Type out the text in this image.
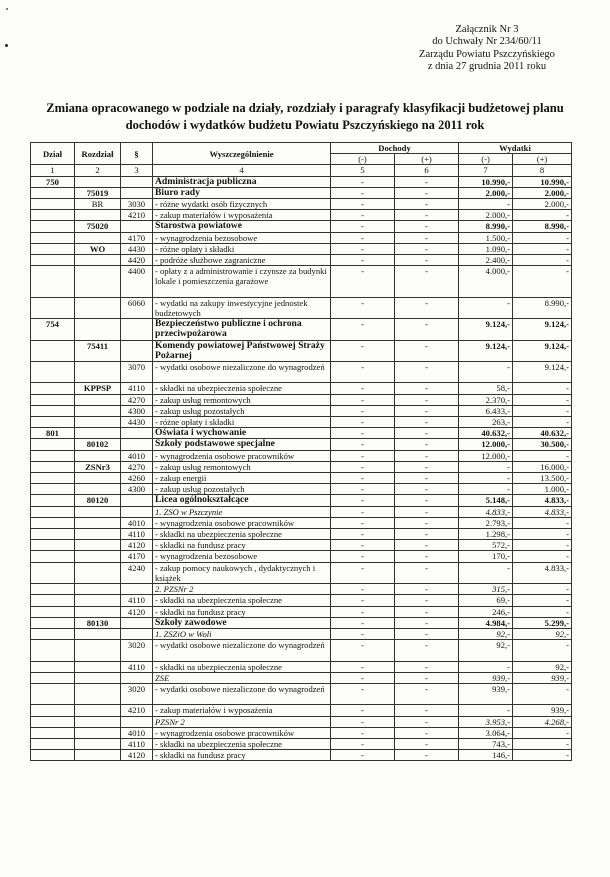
Załącznik Nr 3
do Uchwały Nr 234/60/11
Zarządu Powiatu Pszczyńskiego
z dnia 27 grudnia 2011 roku
Zmiana opracowanego w podziale na działy, rozdziały i paragrafy klasyfikacji budżetowej planu
dochodów i wydatków budżetu Powiatu Pszczyńskiego na 2011 rok
Dział	Rozdział	§	Wyszczególnienie	Dochody		Wydatki	
				(-)	(+)	(-)	(+)
1	2	3	4	5	6	7	8
750			Administracja publiczna	-	-	10.990,-	10.990,-
	75019		Biuro rady	-	-	2.000,-	2.000,-
	BR	3030	- różne wydatki osób fizycznych	-	-	-	2.000,-
		4210	- zakup materiałów i wyposażenia	-	-	2.000,-	-
	75020		Starostwa powiatowe	-	-	8.990,-	8.990,-
		4170	- wynagrodzenia bezosobowe	-	-	1.500,-	-
	WO	4430	- różne opłaty i składki	-	-	1.090,-	-
		4420	- podróże służbowe zagraniczne	-	-	2.400,-	-
		4400	- opłaty z a administrowanie i czynsze za budynki lokale i pomieszczenia garażowe	-	-	4.000,-	-
		6060	- wydatki na zakupy inwestycyjne jednostek budżetowych	-	-	-	8.990,-
754			Bezpieczeństwo publiczne i ochrona przeciwpożarowa	-	-	9.124,-	9.124,-
	75411		Komendy powiatowej Państwowej Straży Pożarnej	-	-	9.124,-	9.124,-
		3070	- wydatki osobowe niezaliczone do wynagrodzeń	-	-	-	9.124,-
	KPPSP	4110	- składki na ubezpieczenia społeczne	-	-	58,-	-
		4270	- zakup usług remontowych	-	-	2.370,-	-
		4300	- zakup usług pozostałych	-	-	6.433,-	-
		4430	- różne opłaty i składki	-	-	263,-	-
801			Oświata i wychowanie	-	-	40.632,-	40.632,-
	80102		Szkoły podstawowe specjalne	-	-	12.000,-	30.500,-
		4010	- wynagrodzenia osobowe pracowników	-	-	12.000,-	-
	ZSNr3	4270	- zakup usług remontowych	-	-	-	16.000,-
		4260	- zakup energii	-	-	-	13.500,-
		4300	- zakup usług pozostałych	-	-	-	1.000,-
	80120		Licea ogólnokształcące	-	-	5.148,-	4.833,-
			1. ZSO w Pszczynie	-	-	4.833,-	4.833,-
		4010	- wynagrodzenia osobowe pracowników	-	-	2.793,-	-
		4110	- składki na ubezpieczenia społeczne	-	-	1.298,-	-
		4120	- składki na fundusz pracy	-	-	572,-	-
		4170	- wynagrodzenia bezosobowe	-	-	170,-	-
		4240	- zakup pomocy naukowych , dydaktycznych i książek	-	-	-	4.833,-
			2. PZSNr 2	-	-	315,-	-
		4110	- składki na ubezpieczenia społeczne	-	-	69,-	-
		4120	- składki na fundusz pracy	-	-	246,-	-
	80130		Szkoły zawodowe	-	-	4.984,-	5.299,-
			1. ZSZiO w Woli	-	-	92,-	92,-
		3020	- wydatki osobowe niezaliczone do wynagrodzeń	-	-	92,-	-
		4110	- składki na ubezpieczenia społeczne	-	-	-	92,-
			ZSE	-	-	939,-	939,-
		3020	- wydatki osobowe niezaliczone do wynagrodzeń	-	-	939,-	-
		4210	- zakup materiałów i wyposażenia	-	-	-	939,-
			PZSNr 2	-	-	3.953,-	4.268,-
		4010	- wynagrodzenia osobowe pracowników	-	-	3.064,-	-
		4110	- składki na ubezpieczenia społeczne	-	-	743,-	-
		4120	- składki na fundusz pracy	-	-	146,-	-
